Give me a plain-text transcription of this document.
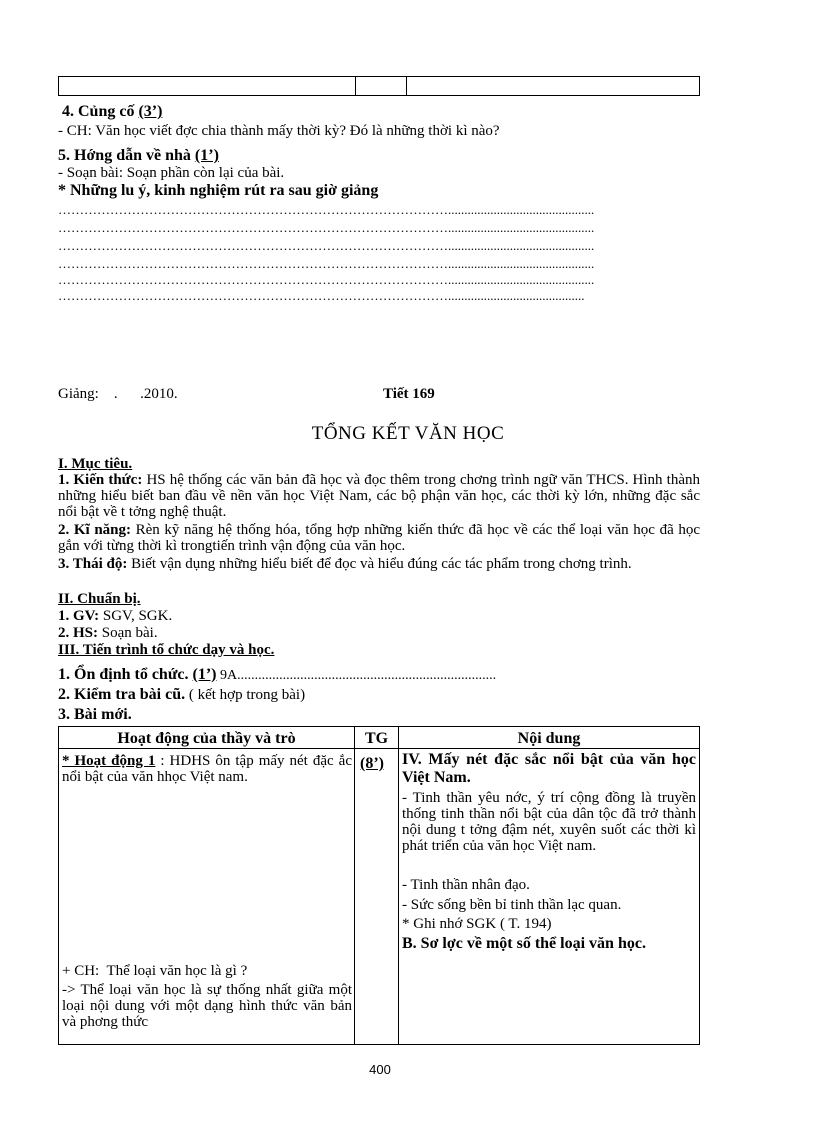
4. Củng cố (3’)
- CH: Văn học viết đợc chia thành mấy thời kỳ? Đó là những thời kì nào?
5. Hớng dẫn về nhà (1’)
- Soạn bài: Soạn phần còn lại của bài.
* Những lu ý, kinh nghiệm rút ra sau giờ giảng
……………………………………………………………………………….............................................
……………………………………………………………………………….............................................
……………………………………………………………………………….............................................
……………………………………………………………………………….............................................
……………………………………………………………………………….............................................
………………………………………………………………………………..........................................
Giảng:    .      .2010.	Tiết 169
TỔNG KẾT VĂN HỌC
I. Mục tiêu.
1. Kiến thức: HS hệ thống các văn bản đã học và đọc thêm trong chơng trình ngữ văn THCS. Hình thành những hiểu biết ban đầu về nền văn học Việt Nam, các bộ phận văn học, các thời kỳ lớn, những đặc sắc nổi bật về t tởng nghệ thuật.
2. Kĩ năng: Rèn kỹ năng hệ thống hóa, tổng hợp những kiến thức đã học về các thể loại văn học đã học gắn với từng thời kì trongtiến trình vận động của văn học.
3. Thái độ: Biết vận dụng những hiểu biết để đọc và hiểu đúng các tác phẩm trong chơng trình.
II. Chuẩn bị.
1. GV: SGV, SGK.
2. HS: Soạn bài.
III. Tiến trình tổ chức dạy và học.
1. Ổn định tổ chức. (1’) 9A..........................................................................
2. Kiểm tra bài cũ. ( kết hợp trong bài)
3. Bài mới.
Hoạt động của thầy và trò	TG	Nội dung
* Hoạt động 1 : HDHS ôn tập mấy nét đặc ắc nổi bật của văn hhọc Việt nam.
+ CH:  Thể loại văn học là gì ?
-> Thể loại văn học là sự thống nhất giữa một loại nội dung với một dạng hình thức văn bản và phơng thức
(8’) IV. Mấy nét đặc sắc nổi bật của văn học Việt Nam.
- Tinh thần yêu nớc, ý trí cộng đồng là truyền thống tinh thần nổi bật của dân tộc đã trở thành nội dung t tởng đậm nét, xuyên suốt các thời kì phát triển của văn học Việt nam.
- Tinh thần nhân đạo.
- Sức sống bền bỉ tinh thần lạc quan.
* Ghi nhớ SGK ( T. 194)
B. Sơ lợc về một số thể loại văn học.
400
